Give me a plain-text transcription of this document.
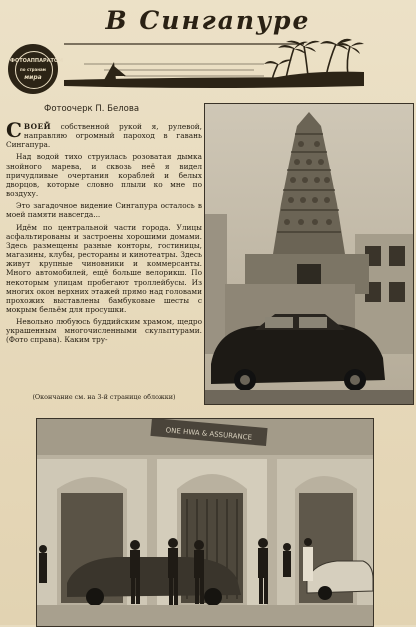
В Сингапуре
ФОТОАППАРАТОМ
по странам
мира
Фотоочерк П. Белова

СВОЕЙ собственной рукой я, рулевой, направляю огромный пароход в гавань Сингапура.

Над водой тихо струилась розоватая дымка знойного марева, и сквозь неё я видел причудливые очертания кораблей и белых дворцов, которые словно плыли ко мне по воздуху.

Это загадочное видение Сингапура осталось в моей памяти навсегда...

Идём по центральной части города. Улицы асфальтированы и застроены хорошими домами. Здесь размещены разные конторы, гостиницы, магазины, клубы, рестораны и кинотеатры. Здесь живут крупные чиновники и коммерсанты. Много автомобилей, ещё больше велорикш. По некоторым улицам пробегают троллейбусы. Из многих окон верхних этажей прямо над головами прохожих выставлены бамбуковые шесты с мокрым бельём для просушки.

Невольно любуюсь буддийским храмом, щедро украшенным многочисленными скульптурами. (Фото справа). Каким тру-

(Окончание см. на 3-й странице обложки)
ONE HWA & ASSURANCE
